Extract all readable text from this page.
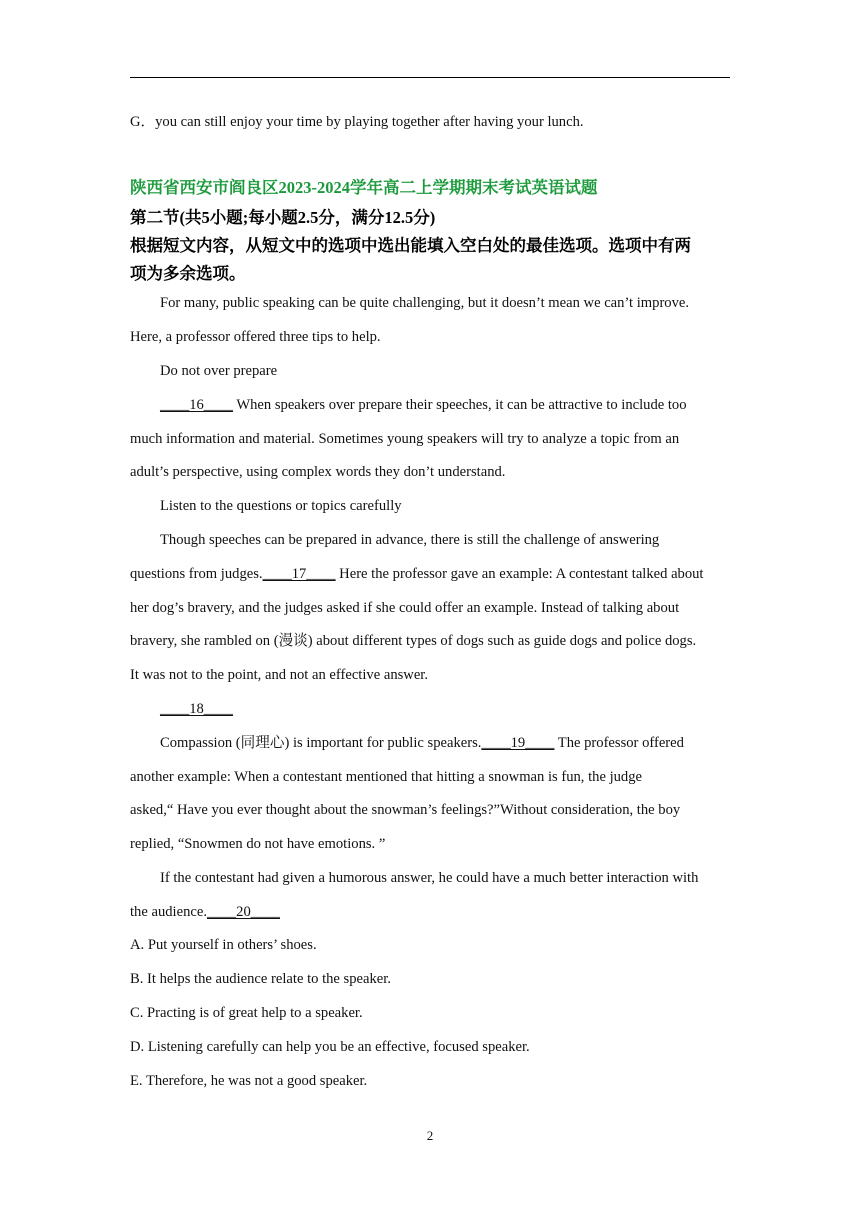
G．you can still enjoy your time by playing together after having your lunch.
陕西省西安市阎良区2023-2024学年高二上学期期末考试英语试题
第二节(共5小题;每小题2.5分，满分12.5分)
根据短文内容，从短文中的选项中选出能填入空白处的最佳选项。选项中有两
项为多余选项。
For many, public speaking can be quite challenging, but it doesn’t mean we can’t improve.
Here, a professor offered three tips to help.
Do not over prepare
____16____ When speakers over prepare their speeches, it can be attractive to include too
much information and material. Sometimes young speakers will try to analyze a topic from an
adult’s perspective, using complex words they don’t understand.
Listen to the questions or topics carefully
Though speeches can be prepared in advance, there is still the challenge of answering
questions from judges.____17____ Here the professor gave an example: A contestant talked about
her dog’s bravery, and the judges asked if she could offer an example. Instead of talking about
bravery, she rambled on (漫谈) about different types of dogs such as guide dogs and police dogs.
It was not to the point, and not an effective answer.
____18____
Compassion (同理心) is important for public speakers.____19____ The professor offered
another example: When a contestant mentioned that hitting a snowman is fun, the judge
asked,“ Have you ever thought about the snowman’s feelings?”Without consideration, the boy
replied, “Snowmen do not have emotions. ”
If the contestant had given a humorous answer, he could have a much better interaction with
the audience.____20____
A. Put yourself in others’ shoes.
B. It helps the audience relate to the speaker.
C. Practing is of great help to a speaker.
D. Listening carefully can help you be an effective, focused speaker.
E. Therefore, he was not a good speaker.
2
